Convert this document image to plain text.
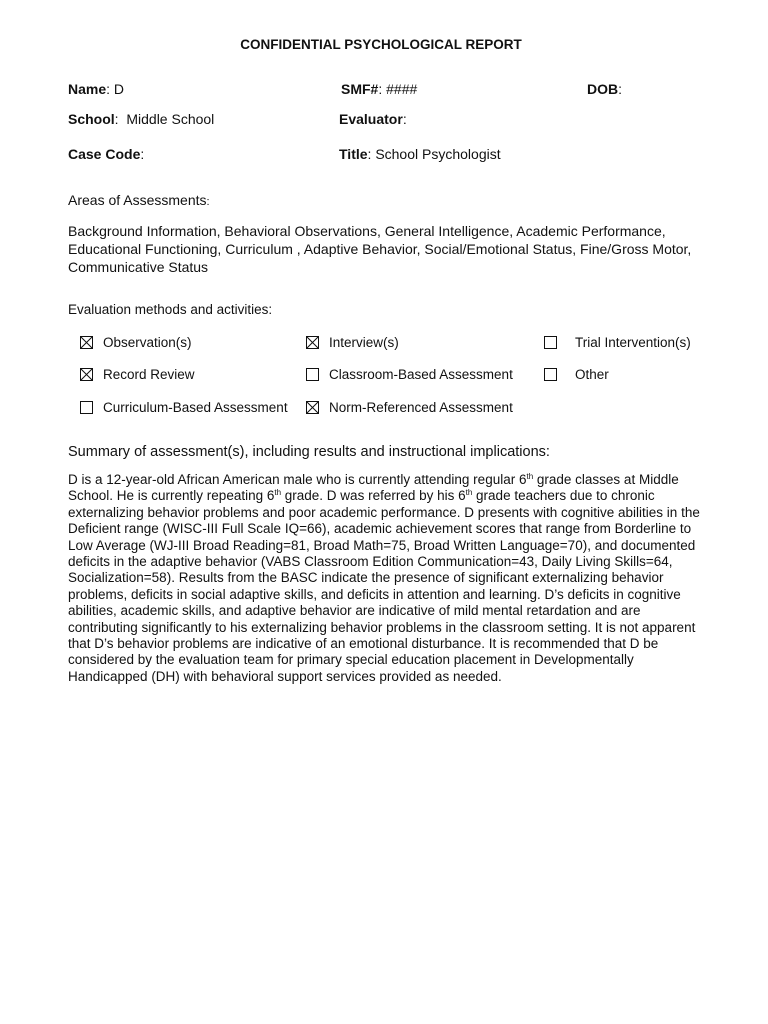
CONFIDENTIAL PSYCHOLOGICAL REPORT
Name: D	SMF#: ####	DOB:
School:  Middle School	Evaluator:
Case Code:	Title: School Psychologist
Areas of Assessments:
Background Information, Behavioral Observations, General Intelligence, Academic Performance, Educational Functioning, Curriculum , Adaptive Behavior, Social/Emotional Status, Fine/Gross Motor, Communicative Status
Evaluation methods and activities:
Observation(s)	Interview(s)	Trial Intervention(s)
Record Review	Classroom-Based Assessment	Other
Curriculum-Based Assessment	Norm-Referenced Assessment
Summary of assessment(s), including results and instructional implications:
D is a 12-year-old African American male who is currently attending regular 6th grade classes at Middle School. He is currently repeating 6th grade. D was referred by his 6th grade teachers due to chronic externalizing behavior problems and poor academic performance. D presents with cognitive abilities in the Deficient range (WISC-III Full Scale IQ=66), academic achievement scores that range from Borderline to Low Average (WJ-III Broad Reading=81, Broad Math=75, Broad Written Language=70), and documented deficits in the adaptive behavior (VABS Classroom Edition Communication=43, Daily Living Skills=64, Socialization=58). Results from the BASC indicate the presence of significant externalizing behavior problems, deficits in social adaptive skills, and deficits in attention and learning. D’s deficits in cognitive abilities, academic skills, and adaptive behavior are indicative of mild mental retardation and are contributing significantly to his externalizing behavior problems in the classroom setting. It is not apparent that D’s behavior problems are indicative of an emotional disturbance. It is recommended that D be considered by the evaluation team for primary special education placement in Developmentally Handicapped (DH) with behavioral support services provided as needed.
